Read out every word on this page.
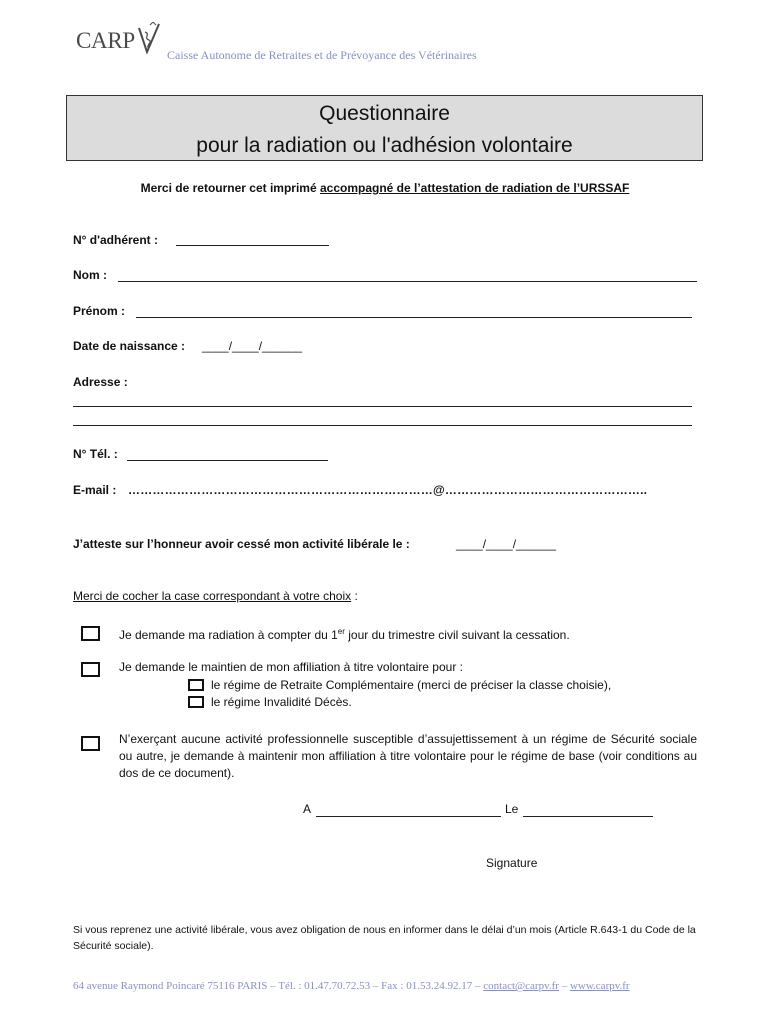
CARP
Caisse Autonome de Retraites et de Prévoyance des Vétérinaires
Questionnaire
pour la radiation ou l'adhésion volontaire
Merci de retourner cet imprimé accompagné de l’attestation de radiation de l’URSSAF
N° d'adhérent :
Nom :
Prénom :
Date de naissance : ____/____/______
Adresse :
N° Tél. :
E-mail : …………………………………………………………………@…………………………………………..
J’atteste sur l’honneur avoir cessé mon activité libérale le :	____/____/______
Merci de cocher la case correspondant à votre choix :
Je demande ma radiation à compter du 1er jour du trimestre civil suivant la cessation.
Je demande le maintien de mon affiliation à titre volontaire pour :
le régime de Retraite Complémentaire (merci de préciser la classe choisie),
le régime Invalidité Décès.
N’exerçant aucune activité professionnelle susceptible d’assujettissement à un régime de Sécurité sociale ou autre, je demande à maintenir mon affiliation à titre volontaire pour le régime de base (voir conditions au dos de ce document).
A	Le
Signature
Si vous reprenez une activité libérale, vous avez obligation de nous en informer dans le délai d’un mois (Article R.643-1 du Code de la Sécurité sociale).
64 avenue Raymond Poincaré 75116 PARIS – Tél. : 01.47.70.72.53 – Fax : 01.53.24.92.17 – contact@carpv.fr – www.carpv.fr
